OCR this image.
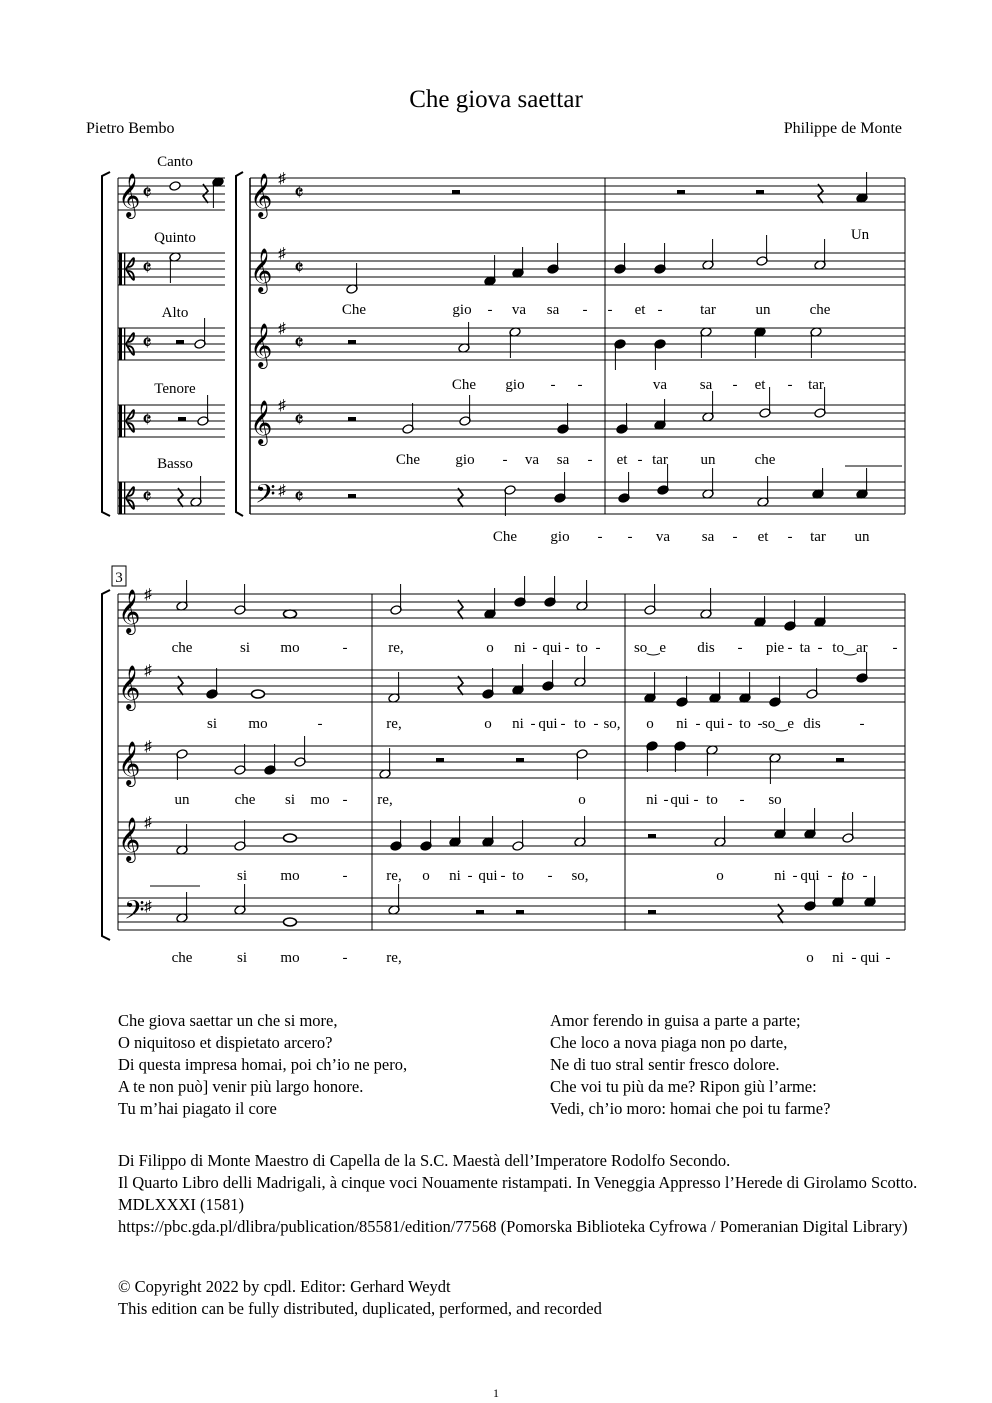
Che giova saettar
Pietro Bembo	Philippe de Monte
𝄞 𝄵	𝄞 ♯
𝄵
𝄵	𝄞 ♯
𝄵
𝄵	𝄞 ♯
𝄵
𝄵	𝄞 ♯
𝄵
𝄵	𝄢 ♯ 𝄵
𝄞 ♯
𝄞 ♯
𝄞 ♯
𝄞 ♯
𝄢 ♯
Canto
Quinto
Alto
Tenore
Basso
Un
Che	gio - va sa - - et -	tar	un	che
Che gio - -	va sa - et - tar
Che gio - va sa - et - tar un	che
Che gio - - va sa - et - tar un
3
che	si mo	-	re,	o ni - qui - to - so‿e dis - pie - ta - to‿ar -
si mo	-	re,	o ni - qui - to - so, o ni - qui - to - so‿e dis	-
un	che si mo - re,	o	ni - qui - to - so
si mo	-	re, o ni - qui - to - so,	o	ni - qui - to -
che	si mo	-	re,	o ni - qui -
Che giova saettar un che si more,
O niquitoso et dispietato arcero?
Di questa impresa homai, poi ch’io ne pero,
A te non può] venir più largo honore.
Tu m’hai piagato il core
Amor ferendo in guisa a parte a parte;
Che loco a nova piaga non po darte,
Ne di tuo stral sentir fresco dolore.
Che voi tu più da me? Ripon giù l’arme:
Vedi, ch’io moro: homai che poi tu farme?
Di Filippo di Monte Maestro di Capella de la S.C. Maestà dell’Imperatore Rodolfo Secondo.
Il Quarto Libro delli Madrigali, à cinque voci Nouamente ristampati. In Veneggia Appresso l’Herede di Girolamo Scotto. MDLXXXI (1581)
https://pbc.gda.pl/dlibra/publication/85581/edition/77568 (Pomorska Biblioteka Cyfrowa / Pomeranian Digital Library)
© Copyright 2022 by cpdl. Editor: Gerhard Weydt
This edition can be fully distributed, duplicated, performed, and recorded
1
